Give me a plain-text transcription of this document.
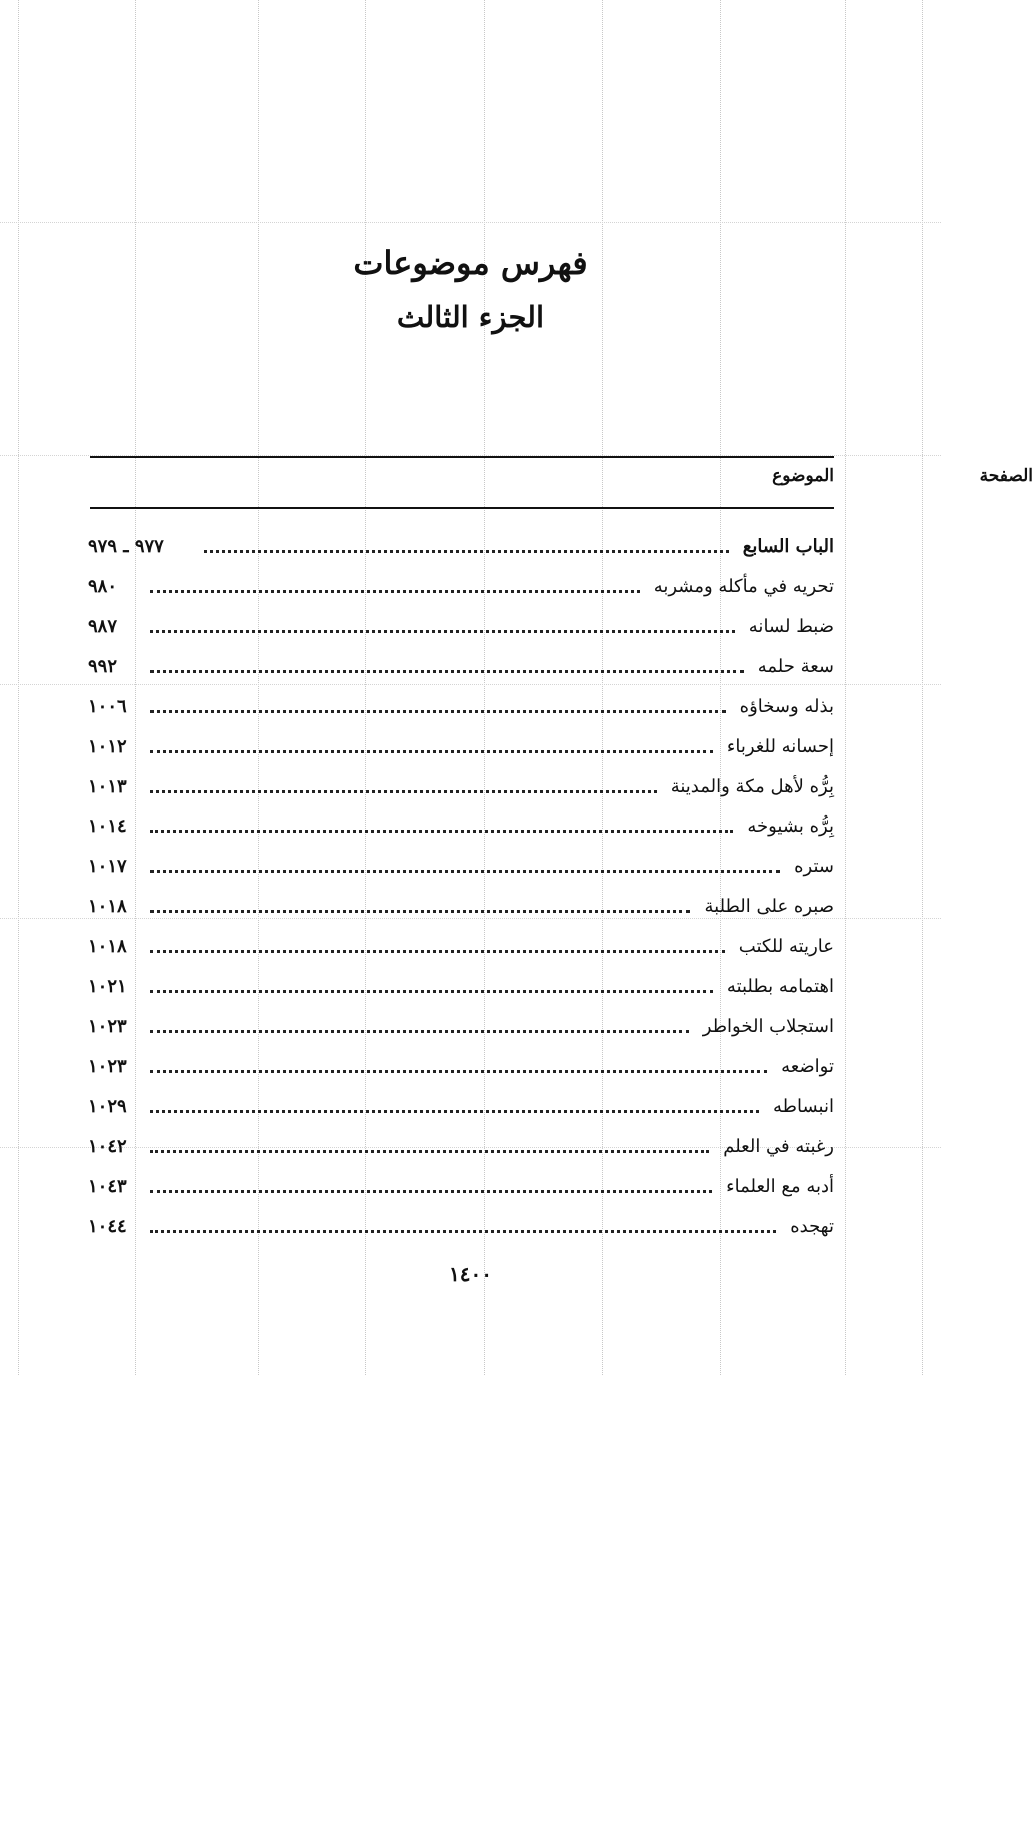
فهرس موضوعات
الجزء الثالث
الموضوع	الصفحة
الباب السابع
٩٧٧ ـ ٩٧٩
تحريه في مأكله ومشربه
٩٨٠
ضبط لسانه
٩٨٧
سعة حلمه
٩٩٢
بذله وسخاؤه
١٠٠٦
إحسانه للغرباء
١٠١٢
بِرُّه لأهل مكة والمدينة
١٠١٣
بِرُّه بشيوخه
١٠١٤
ستره
١٠١٧
صبره على الطلبة
١٠١٨
عاريته للكتب
١٠١٨
اهتمامه بطلبته
١٠٢١
استجلاب الخواطر
١٠٢٣
تواضعه
١٠٢٣
انبساطه
١٠٢٩
رغبته في العلم
١٠٤٢
أدبه مع العلماء
١٠٤٣
تهجده
١٠٤٤
١٤٠٠
